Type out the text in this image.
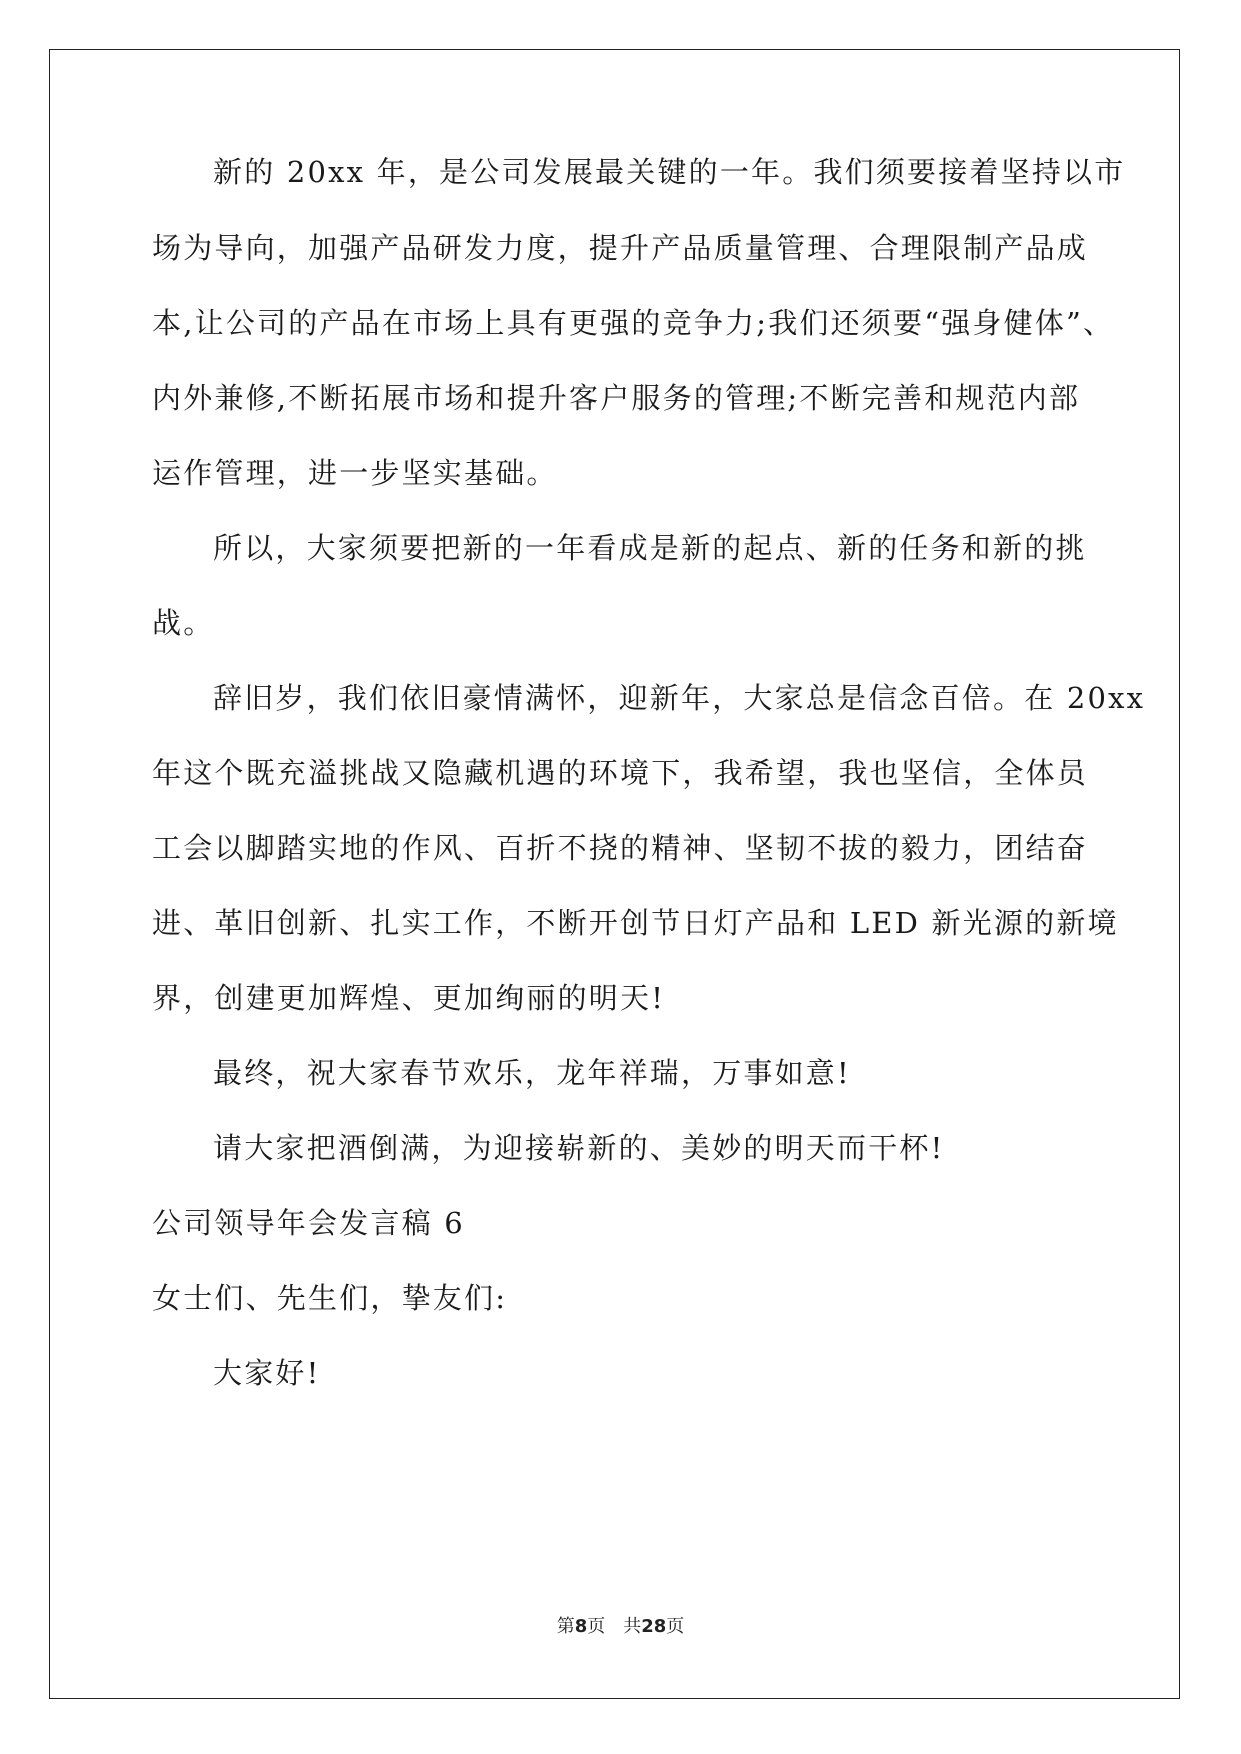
新的 20xx 年，是公司发展最关键的一年。我们须要接着坚持以市
场为导向，加强产品研发力度，提升产品质量管理、合理限制产品成
本,让公司的产品在市场上具有更强的竞争力;我们还须要“强身健体”、
内外兼修,不断拓展市场和提升客户服务的管理;不断完善和规范内部
运作管理，进一步坚实基础。
所以，大家须要把新的一年看成是新的起点、新的任务和新的挑
战。
辞旧岁，我们依旧豪情满怀，迎新年，大家总是信念百倍。在 20xx
年这个既充溢挑战又隐藏机遇的环境下，我希望，我也坚信，全体员
工会以脚踏实地的作风、百折不挠的精神、坚韧不拔的毅力，团结奋
进、革旧创新、扎实工作，不断开创节日灯产品和 LED 新光源的新境
界，创建更加辉煌、更加绚丽的明天!
最终，祝大家春节欢乐，龙年祥瑞，万事如意!
请大家把酒倒满，为迎接崭新的、美妙的明天而干杯!
公司领导年会发言稿 6
女士们、先生们，挚友们:
大家好!
第8页 共28页
